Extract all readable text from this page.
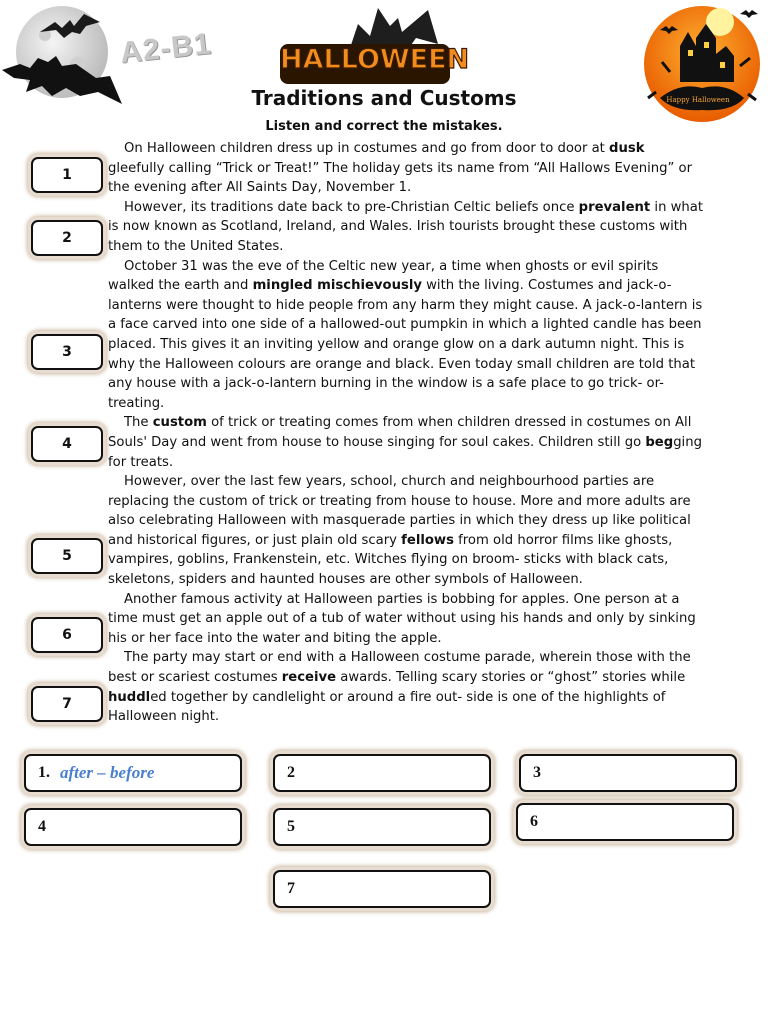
A2-B1 HALLOWEEN
Traditions and Customs
Listen and correct the mistakes.
Happy Halloween

On Halloween children dress up in costumes and go from door to door at dusk gleefully calling “Trick or Treat!” The holiday gets its name from “All Hallows Evening” or the evening after All Saints Day, November 1.

However, its traditions date back to pre-Christian Celtic beliefs once prevalent in what is now known as Scotland, Ireland, and Wales. Irish tourists brought these customs with them to the United States.

October 31 was the eve of the Celtic new year, a time when ghosts or evil spirits walked the earth and mingled mischievously with the living. Costumes and jack-o-lanterns were thought to hide people from any harm they might cause. A jack-o-lantern is a face carved into one side of a hallowed-out pumpkin in which a lighted candle has been placed. This gives it an inviting yellow and orange glow on a dark autumn night. This is why the Halloween colours are orange and black. Even today small children are told that any house with a jack-o-lantern burning in the window is a safe place to go trick- or-treating.

The custom of trick or treating comes from when children dressed in costumes on All Souls' Day and went from house to house singing for soul cakes. Children still go begging for treats.

However, over the last few years, school, church and neighbourhood parties are replacing the custom of trick or treating from house to house. More and more adults are also celebrating Halloween with masquerade parties in which they dress up like political and historical figures, or just plain old scary fellows from old horror films like ghosts, vampires, goblins, Frankenstein, etc. Witches flying on broom- sticks with black cats, skeletons, spiders and haunted houses are other symbols of Halloween.

Another famous activity at Halloween parties is bobbing for apples. One person at a time must get an apple out of a tub of water without using his hands and only by sinking his or her face into the water and biting the apple.

The party may start or end with a Halloween costume parade, wherein those with the best or scariest costumes receive awards. Telling scary stories or “ghost” stories while huddled together by candlelight or around a fire out- side is one of the highlights of Halloween night.

1
2
3
4
5
6
7
1. after – before	2	3
4	5	6
7
